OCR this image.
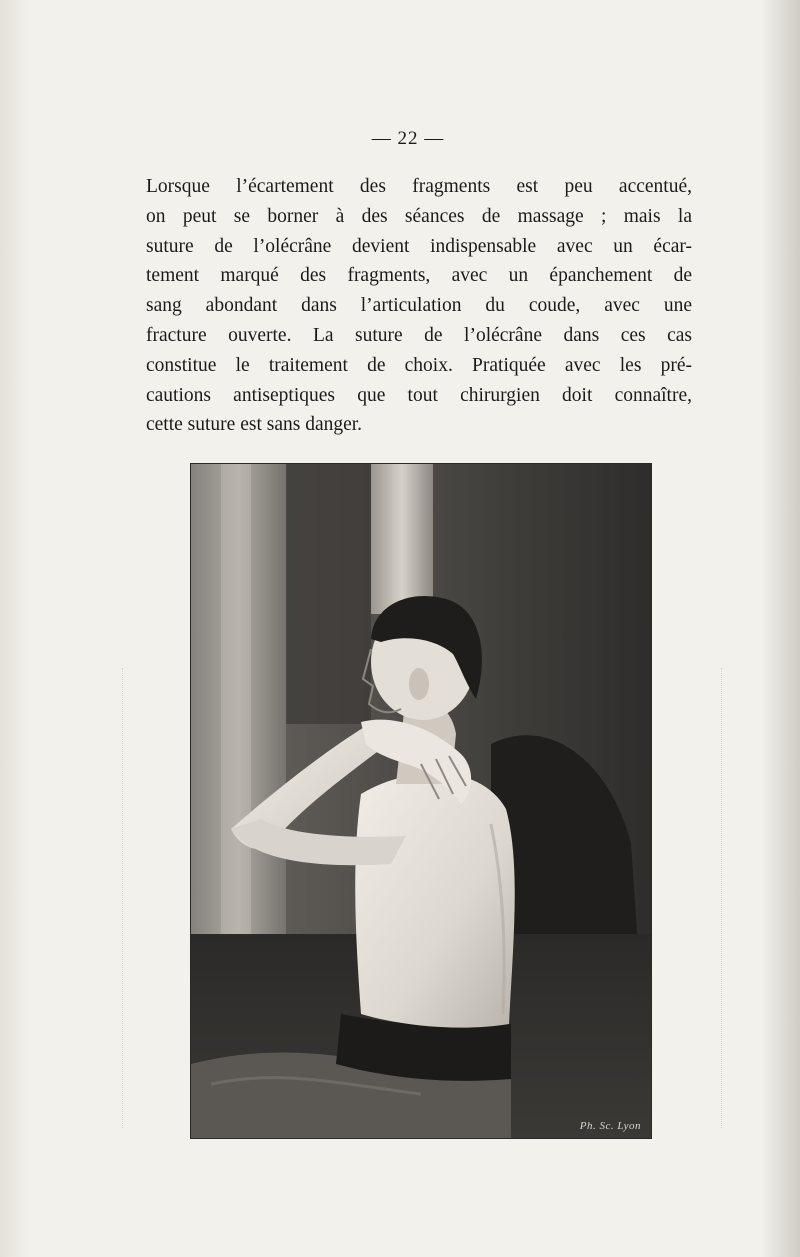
— 22 —
Lorsque l’écartement des fragments est peu accentué,
on peut se borner à des séances de massage ; mais la
suture de l’olécrâne devient indispensable avec un écar-
tement marqué des fragments, avec un épanchement de
sang abondant dans l’articulation du coude, avec une
fracture ouverte. La suture de l’olécrâne dans ces cas
constitue le traitement de choix. Pratiquée avec les pré-
cautions antiseptiques que tout chirurgien doit connaître,
cette suture est sans danger.
Ph. Sc. Lyon
